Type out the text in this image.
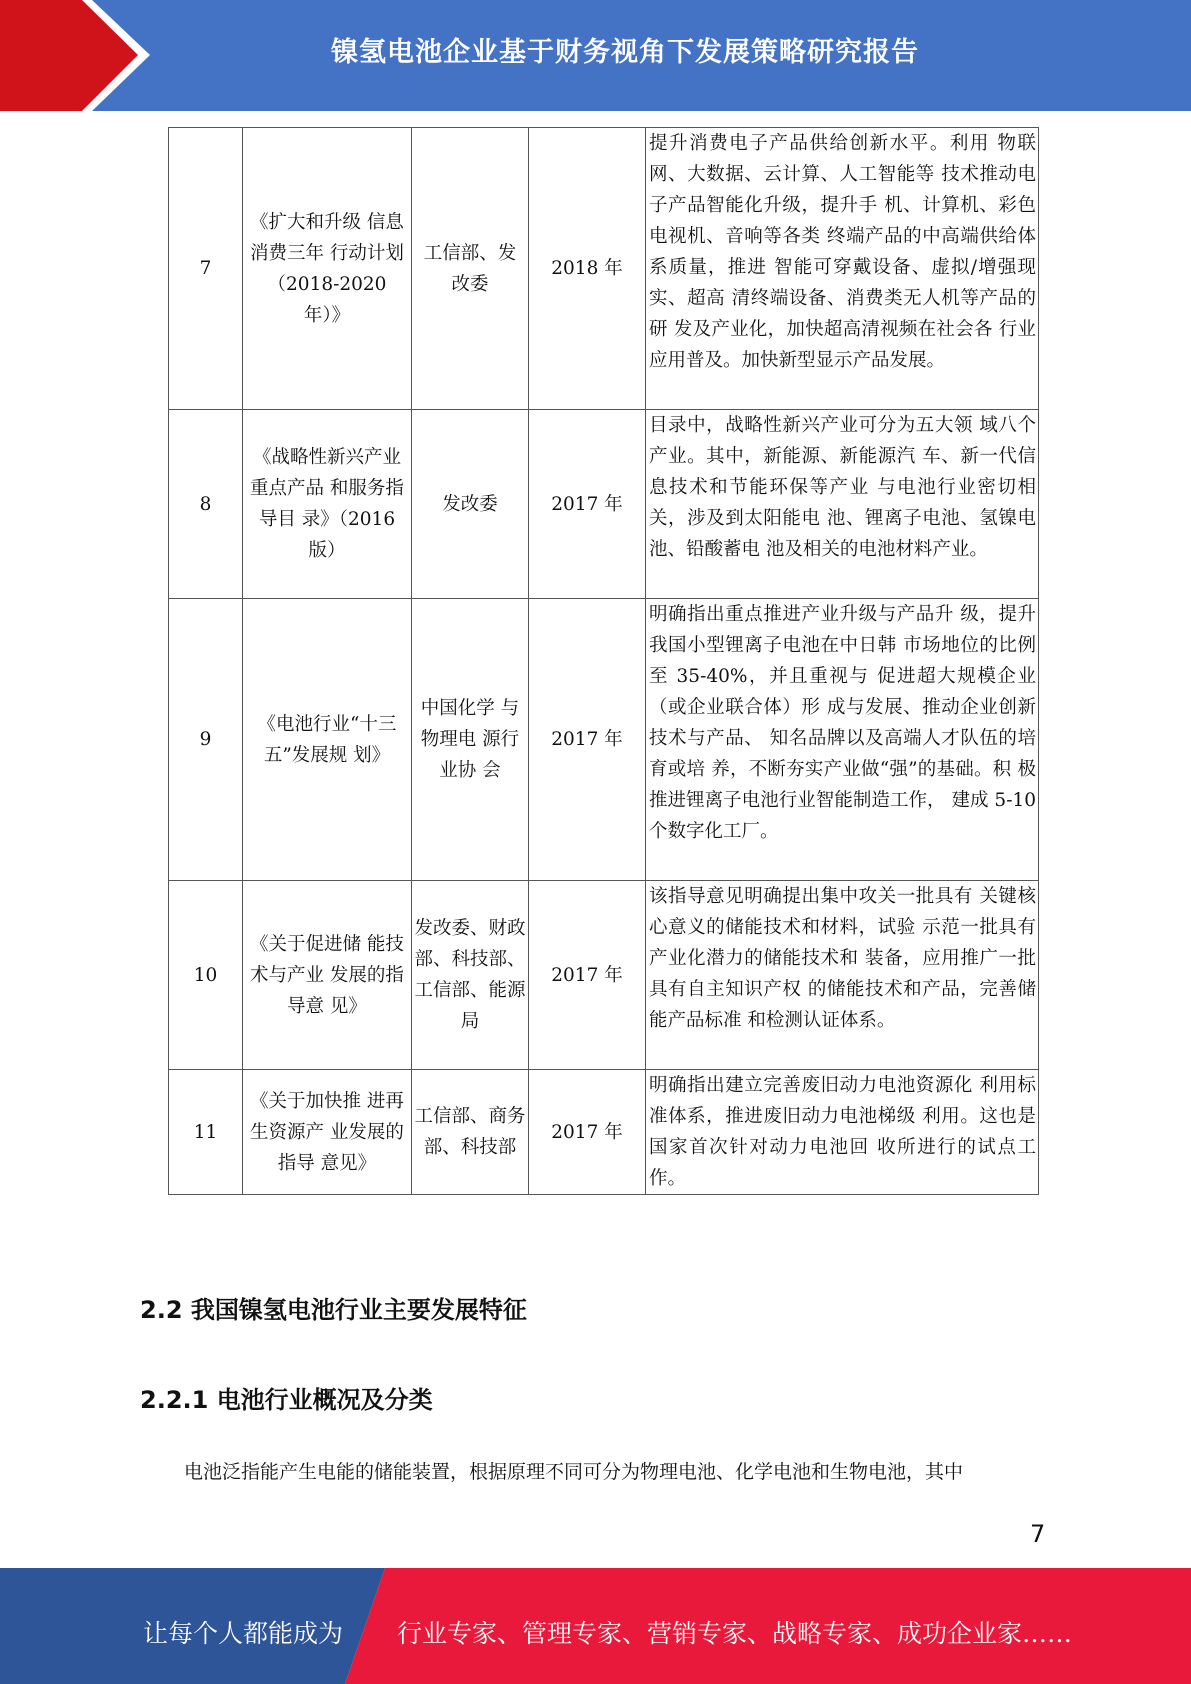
镍氢电池企业基于财务视角下发展策略研究报告
7	《扩大和升级 信息消费三年 行动计划 （2018-2020 年）》	工信部、发 改委	2018 年	提升消费电子产品供给创新水平。利用 物联网、大数据、云计算、人工智能等 技术推动电子产品智能化升级，提升手 机、计算机、彩色电视机、音响等各类 终端产品的中高端供给体系质量，推进 智能可穿戴设备、虚拟/增强现实、超高 清终端设备、消费类无人机等产品的研 发及产业化，加快超高清视频在社会各 行业应用普及。加快新型显示产品发展。
8	《战略性新兴产业重点产品 和服务指导目 录》（2016 版）	发改委	2017 年	目录中，战略性新兴产业可分为五大领 域八个产业。其中，新能源、新能源汽 车、新一代信息技术和节能环保等产业 与电池行业密切相关，涉及到太阳能电 池、锂离子电池、氢镍电池、铅酸蓄电 池及相关的电池材料产业。
9	《电池行业“十三五”发展规 划》	中国化学 与物理电 源行业协 会	2017 年	明确指出重点推进产业升级与产品升 级，提升我国小型锂离子电池在中日韩 市场地位的比例至 35-40%，并且重视与 促进超大规模企业（或企业联合体）形 成与发展、推动企业创新技术与产品、 知名品牌以及高端人才队伍的培育或培 养，不断夯实产业做“强”的基础。积 极推进锂离子电池行业智能制造工作， 建成 5-10 个数字化工厂。
10	《关于促进储 能技术与产业 发展的指导意 见》	发改委、财政部、科技部、工信部、能源局	2017 年	该指导意见明确提出集中攻关一批具有 关键核心意义的储能技术和材料，试验 示范一批具有产业化潜力的储能技术和 装备，应用推广一批具有自主知识产权 的储能技术和产品，完善储能产品标准 和检测认证体系。
11	《关于加快推 进再生资源产 业发展的指导 意见》	工信部、商务部、科技部	2017 年	明确指出建立完善废旧动力电池资源化 利用标准体系，推进废旧动力电池梯级 利用。这也是国家首次针对动力电池回 收所进行的试点工作。
2.2 我国镍氢电池行业主要发展特征
2.2.1 电池行业概况及分类
电池泛指能产生电能的储能装置，根据原理不同可分为物理电池、化学电池和生物电池，其中
7
让每个人都能成为 行业专家、管理专家、营销专家、战略专家、成功企业家……
